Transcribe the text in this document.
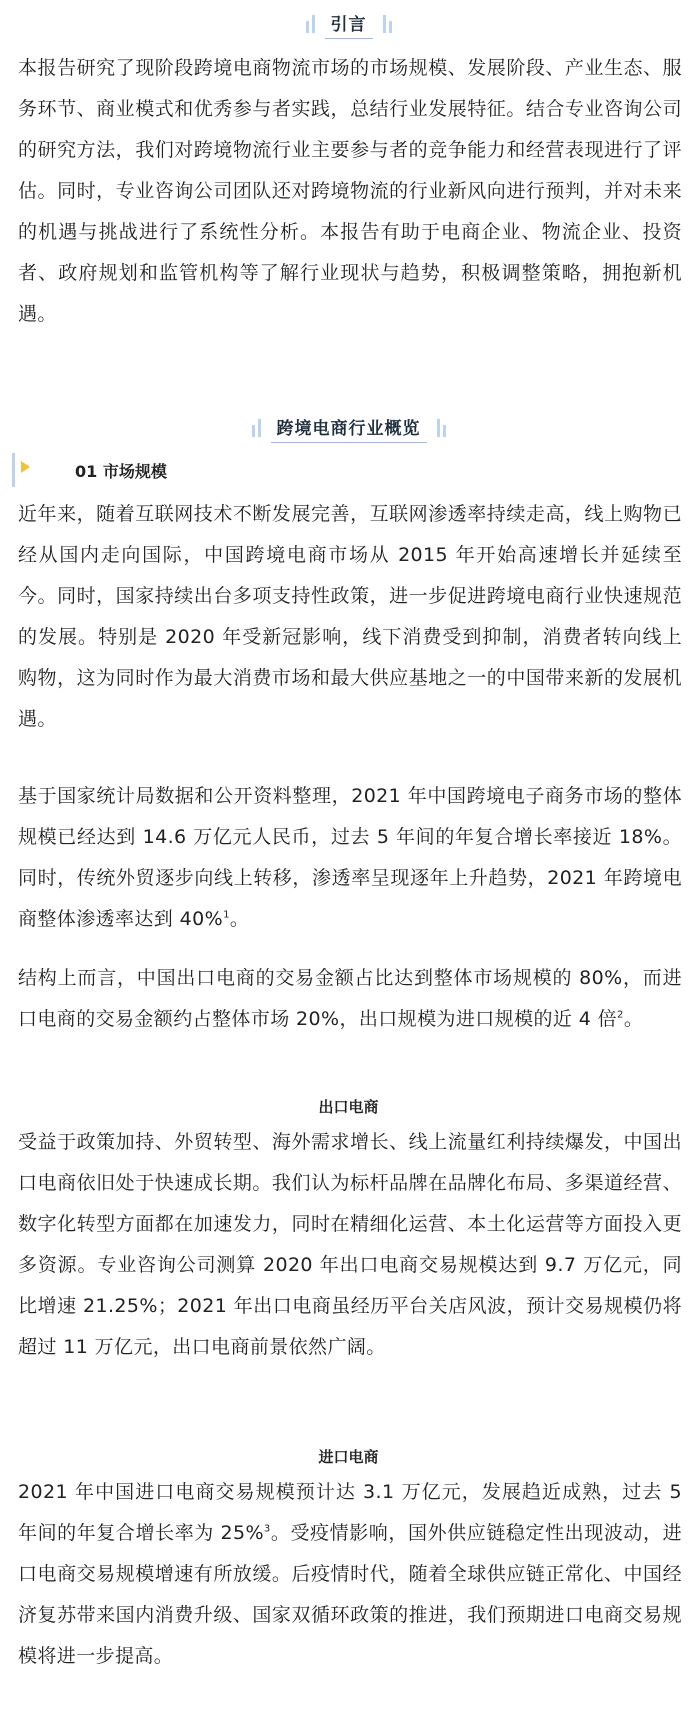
引言

本报告研究了现阶段跨境电商物流市场的市场规模、发展阶段、产业生态、服务环节、商业模式和优秀参与者实践，总结行业发展特征。结合专业咨询公司的研究方法，我们对跨境物流行业主要参与者的竞争能力和经营表现进行了评估。同时，专业咨询公司团队还对跨境物流的行业新风向进行预判，并对未来的机遇与挑战进行了系统性分析。本报告有助于电商企业、物流企业、投资者、政府规划和监管机构等了解行业现状与趋势，积极调整策略，拥抱新机遇。

跨境电商行业概览
01 市场规模

近年来，随着互联网技术不断发展完善，互联网渗透率持续走高，线上购物已经从国内走向国际，中国跨境电商市场从 2015 年开始高速增长并延续至今。同时，国家持续出台多项支持性政策，进一步促进跨境电商行业快速规范的发展。特别是 2020 年受新冠影响，线下消费受到抑制，消费者转向线上购物，这为同时作为最大消费市场和最大供应基地之一的中国带来新的发展机遇。

基于国家统计局数据和公开资料整理，2021 年中国跨境电子商务市场的整体规模已经达到 14.6 万亿元人民币，过去 5 年间的年复合增长率接近 18%。同时，传统外贸逐步向线上转移，渗透率呈现逐年上升趋势，2021 年跨境电商整体渗透率达到 40%$^1$。

结构上而言，中国出口电商的交易金额占比达到整体市场规模的 80%，而进口电商的交易金额约占整体市场 20%，出口规模为进口规模的近 4 倍$^2$。

出口电商

受益于政策加持、外贸转型、海外需求增长、线上流量红利持续爆发，中国出口电商依旧处于快速成长期。我们认为标杆品牌在品牌化布局、多渠道经营、数字化转型方面都在加速发力，同时在精细化运营、本土化运营等方面投入更多资源。专业咨询公司测算 2020 年出口电商交易规模达到 9.7 万亿元，同比增速 21.25%；2021 年出口电商虽经历平台关店风波，预计交易规模仍将超过 11 万亿元，出口电商前景依然广阔。

进口电商

2021 年中国进口电商交易规模预计达 3.1 万亿元，发展趋近成熟，过去 5 年间的年复合增长率为 25%$^3$。受疫情影响，国外供应链稳定性出现波动，进口电商交易规模增速有所放缓。后疫情时代，随着全球供应链正常化、中国经济复苏带来国内消费升级、国家双循环政策的推进，我们预期进口电商交易规模将进一步提高。
